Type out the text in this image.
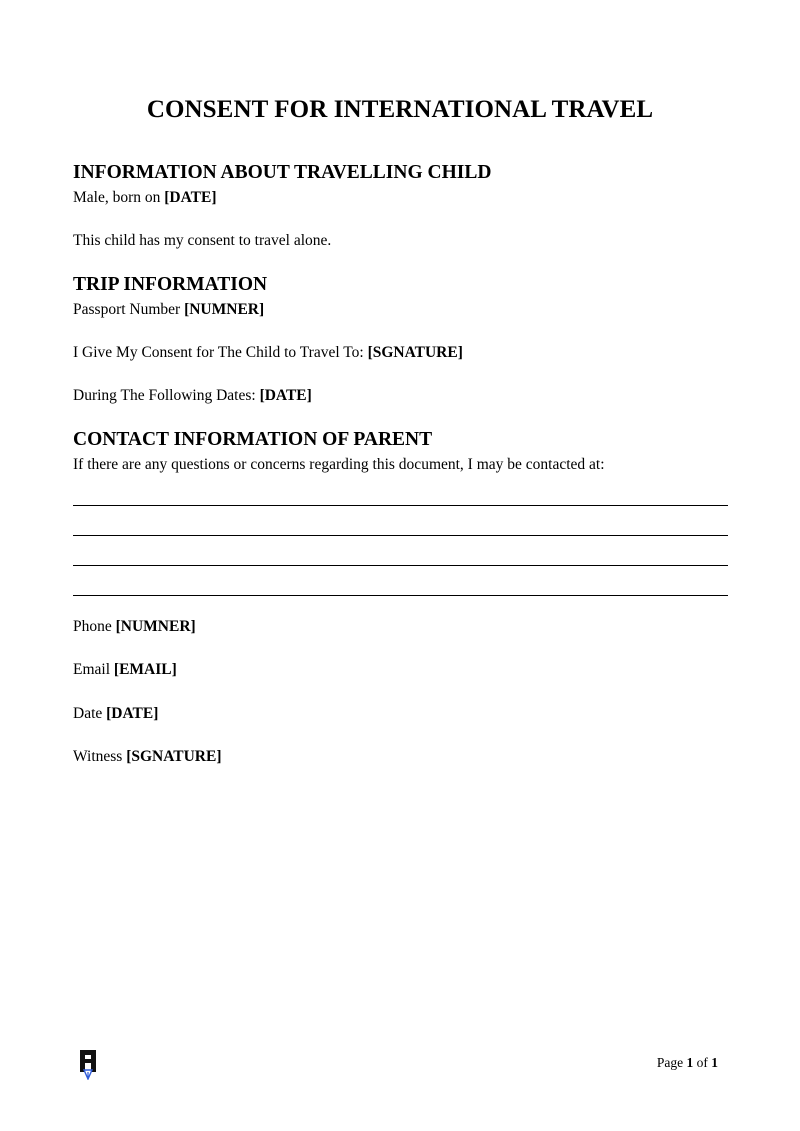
CONSENT FOR INTERNATIONAL TRAVEL
INFORMATION ABOUT TRAVELLING CHILD
Male, born on [DATE]
This child has my consent to travel alone.
TRIP INFORMATION
Passport Number [NUMNER]
I Give My Consent for The Child to Travel To: [SGNATURE]
During The Following Dates: [DATE]
CONTACT INFORMATION OF PARENT
If there are any questions or concerns regarding this document, I may be contacted at:
Phone [NUMNER]
Email [EMAIL]
Date [DATE]
Witness [SGNATURE]
Page 1 of 1
